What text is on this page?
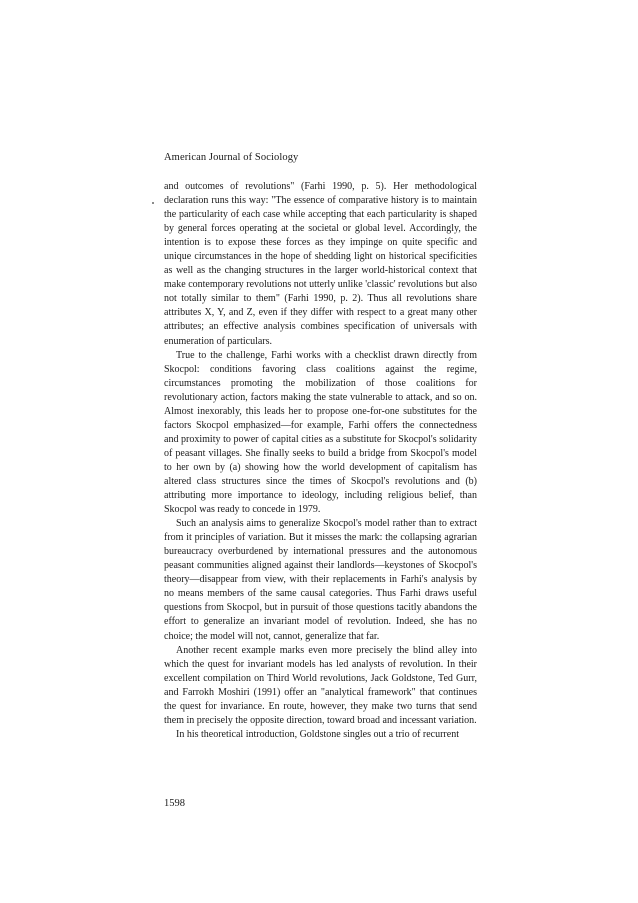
American Journal of Sociology

and outcomes of revolutions" (Farhi 1990, p. 5). Her methodological declaration runs this way: "The essence of comparative history is to maintain the particularity of each case while accepting that each particularity is shaped by general forces operating at the societal or global level. Accordingly, the intention is to expose these forces as they impinge on quite specific and unique circumstances in the hope of shedding light on historical specificities as well as the changing structures in the larger world-historical context that make contemporary revolutions not utterly unlike 'classic' revolutions but also not totally similar to them" (Farhi 1990, p. 2). Thus all revolutions share attributes X, Y, and Z, even if they differ with respect to a great many other attributes; an effective analysis combines specification of universals with enumeration of particulars.

True to the challenge, Farhi works with a checklist drawn directly from Skocpol: conditions favoring class coalitions against the regime, circumstances promoting the mobilization of those coalitions for revolutionary action, factors making the state vulnerable to attack, and so on. Almost inexorably, this leads her to propose one-for-one substitutes for the factors Skocpol emphasized—for example, Farhi offers the connectedness and proximity to power of capital cities as a substitute for Skocpol's solidarity of peasant villages. She finally seeks to build a bridge from Skocpol's model to her own by (a) showing how the world development of capitalism has altered class structures since the times of Skocpol's revolutions and (b) attributing more importance to ideology, including religious belief, than Skocpol was ready to concede in 1979.

Such an analysis aims to generalize Skocpol's model rather than to extract from it principles of variation. But it misses the mark: the collapsing agrarian bureaucracy overburdened by international pressures and the autonomous peasant communities aligned against their landlords—keystones of Skocpol's theory—disappear from view, with their replacements in Farhi's analysis by no means members of the same causal categories. Thus Farhi draws useful questions from Skocpol, but in pursuit of those questions tacitly abandons the effort to generalize an invariant model of revolution. Indeed, she has no choice; the model will not, cannot, generalize that far.

Another recent example marks even more precisely the blind alley into which the quest for invariant models has led analysts of revolution. In their excellent compilation on Third World revolutions, Jack Goldstone, Ted Gurr, and Farrokh Moshiri (1991) offer an "analytical framework" that continues the quest for invariance. En route, however, they make two turns that send them in precisely the opposite direction, toward broad and incessant variation.

In his theoretical introduction, Goldstone singles out a trio of recurrent

1598
